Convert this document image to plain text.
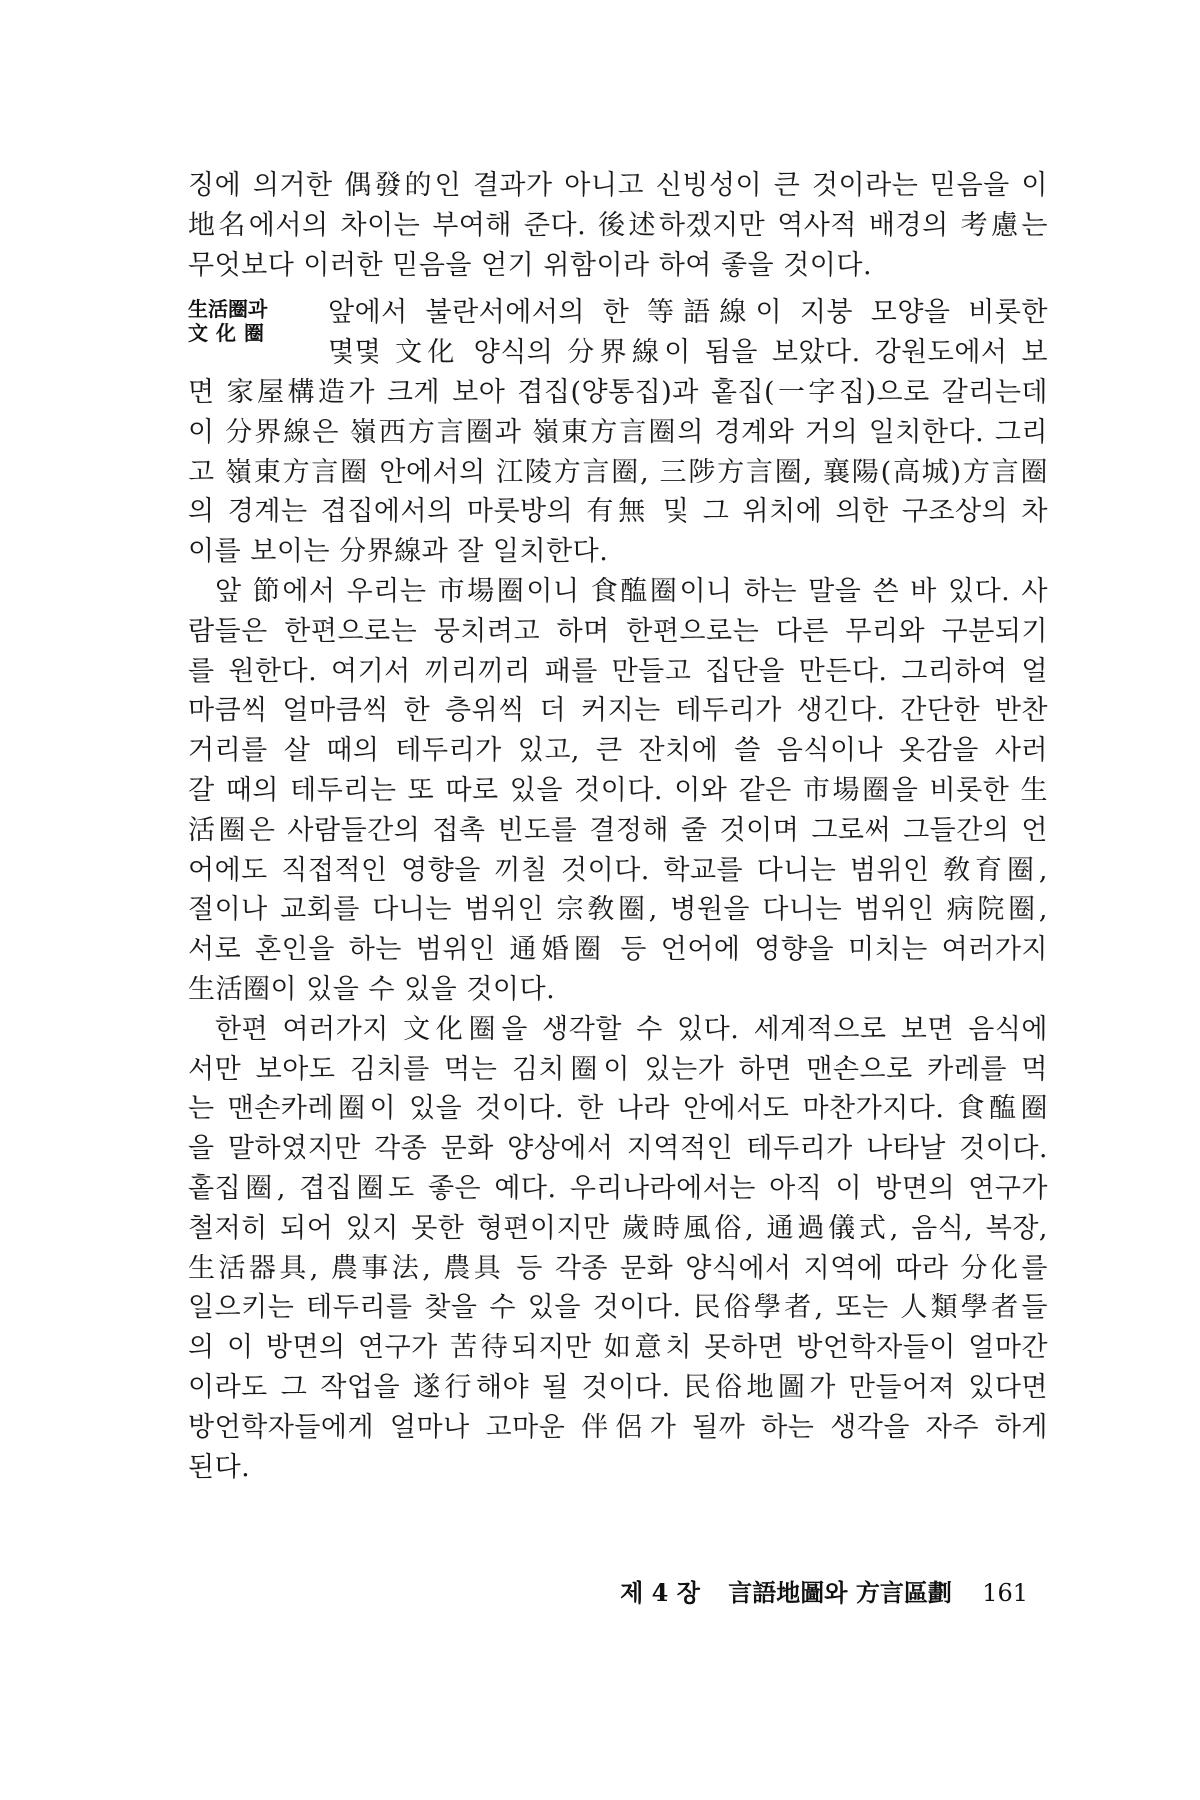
징에 의거한 偶發的인 결과가 아니고 신빙성이 큰 것이라는 믿음을 이
地名에서의 차이는 부여해 준다. 後述하겠지만 역사적 배경의 考慮는
무엇보다 이러한 믿음을 얻기 위함이라 하여 좋을 것이다.
生活圈과
文化圈
앞에서 불란서에서의 한 等語線이 지붕 모양을 비롯한
몇몇 文化 양식의 分界線이 됨을 보았다. 강원도에서 보
면 家屋構造가 크게 보아 겹집(양통집)과 홑집(一字집)으로 갈리는데
이 分界線은 嶺西方言圈과 嶺東方言圈의 경계와 거의 일치한다. 그리
고 嶺東方言圈 안에서의 江陵方言圈, 三陟方言圈, 襄陽(高城)方言圈
의 경계는 겹집에서의 마룻방의 有無 및 그 위치에 의한 구조상의 차
이를 보이는 分界線과 잘 일치한다.
앞 節에서 우리는 市場圈이니 食醢圈이니 하는 말을 쓴 바 있다. 사
람들은 한편으로는 뭉치려고 하며 한편으로는 다른 무리와 구분되기
를 원한다. 여기서 끼리끼리 패를 만들고 집단을 만든다. 그리하여 얼
마큼씩 얼마큼씩 한 층위씩 더 커지는 테두리가 생긴다. 간단한 반찬
거리를 살 때의 테두리가 있고, 큰 잔치에 쓸 음식이나 옷감을 사러
갈 때의 테두리는 또 따로 있을 것이다. 이와 같은 市場圈을 비롯한 生
活圈은 사람들간의 접촉 빈도를 결정해 줄 것이며 그로써 그들간의 언
어에도 직접적인 영향을 끼칠 것이다. 학교를 다니는 범위인 敎育圈,
절이나 교회를 다니는 범위인 宗敎圈, 병원을 다니는 범위인 病院圈,
서로 혼인을 하는 범위인 通婚圈 등 언어에 영향을 미치는 여러가지
生活圈이 있을 수 있을 것이다.
한편 여러가지 文化圈을 생각할 수 있다. 세계적으로 보면 음식에
서만 보아도 김치를 먹는 김치圈이 있는가 하면 맨손으로 카레를 먹
는 맨손카레圈이 있을 것이다. 한 나라 안에서도 마찬가지다. 食醢圈
을 말하였지만 각종 문화 양상에서 지역적인 테두리가 나타날 것이다.
홑집圈, 겹집圈도 좋은 예다. 우리나라에서는 아직 이 방면의 연구가
철저히 되어 있지 못한 형편이지만 歲時風俗, 通過儀式, 음식, 복장,
生活器具, 農事法, 農具 등 각종 문화 양식에서 지역에 따라 分化를
일으키는 테두리를 찾을 수 있을 것이다. 民俗學者, 또는 人類學者들
의 이 방면의 연구가 苦待되지만 如意치 못하면 방언학자들이 얼마간
이라도 그 작업을 遂行해야 될 것이다. 民俗地圖가 만들어져 있다면
방언학자들에게 얼마나 고마운 伴侶가 될까 하는 생각을 자주 하게
된다.
제 4 장 言語地圖와 方言區劃 161
